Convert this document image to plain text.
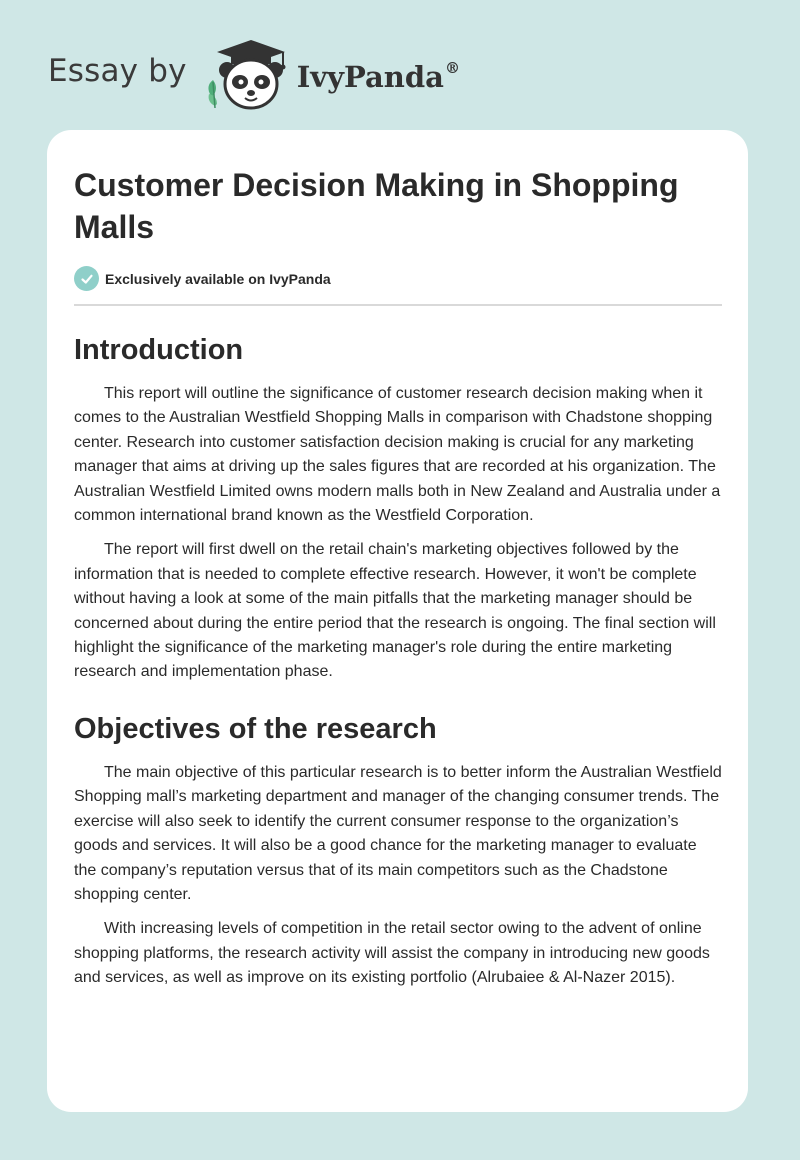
Essay by	IvyPanda®
Customer Decision Making in Shopping Malls
Exclusively available on IvyPanda
Introduction

This report will outline the significance of customer research decision making when it comes to the Australian Westfield Shopping Malls in comparison with Chadstone shopping center. Research into customer satisfaction decision making is crucial for any marketing manager that aims at driving up the sales figures that are recorded at his organization. The Australian Westfield Limited owns modern malls both in New Zealand and Australia under a common international brand known as the Westfield Corporation.

The report will first dwell on the retail chain's marketing objectives followed by the information that is needed to complete effective research. However, it won't be complete without having a look at some of the main pitfalls that the marketing manager should be concerned about during the entire period that the research is ongoing. The final section will highlight the significance of the marketing manager's role during the entire marketing research and implementation phase.

Objectives of the research

The main objective of this particular research is to better inform the Australian Westfield Shopping mall’s marketing department and manager of the changing consumer trends. The exercise will also seek to identify the current consumer response to the organization’s goods and services. It will also be a good chance for the marketing manager to evaluate the company’s reputation versus that of its main competitors such as the Chadstone shopping center.

With increasing levels of competition in the retail sector owing to the advent of online shopping platforms, the research activity will assist the company in introducing new goods and services, as well as improve on its existing portfolio (Alrubaiee & Al-Nazer 2015).
